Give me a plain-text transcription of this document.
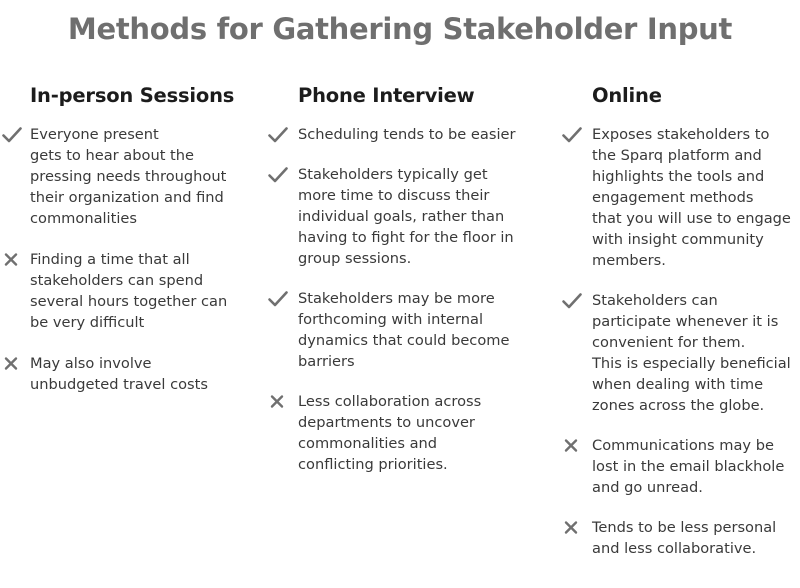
Methods for Gathering Stakeholder Input
In-person Sessions
Everyone present
gets to hear about the
pressing needs throughout
their organization and find
commonalities
Finding a time that all
stakeholders can spend
several hours together can
be very difficult
May also involve
unbudgeted travel costs
Phone Interview
Scheduling tends to be easier
Stakeholders typically get
more time to discuss their
individual goals, rather than
having to fight for the floor in
group sessions.
Stakeholders may be more
forthcoming with internal
dynamics that could become
barriers
Less collaboration across
departments to uncover
commonalities and
conflicting priorities.
Online
Exposes stakeholders to
the Sparq platform and
highlights the tools and
engagement methods
that you will use to engage
with insight community
members.
Stakeholders can
participate whenever it is
convenient for them.
This is especially beneficial
when dealing with time
zones across the globe.
Communications may be
lost in the email blackhole
and go unread.
Tends to be less personal
and less collaborative.
